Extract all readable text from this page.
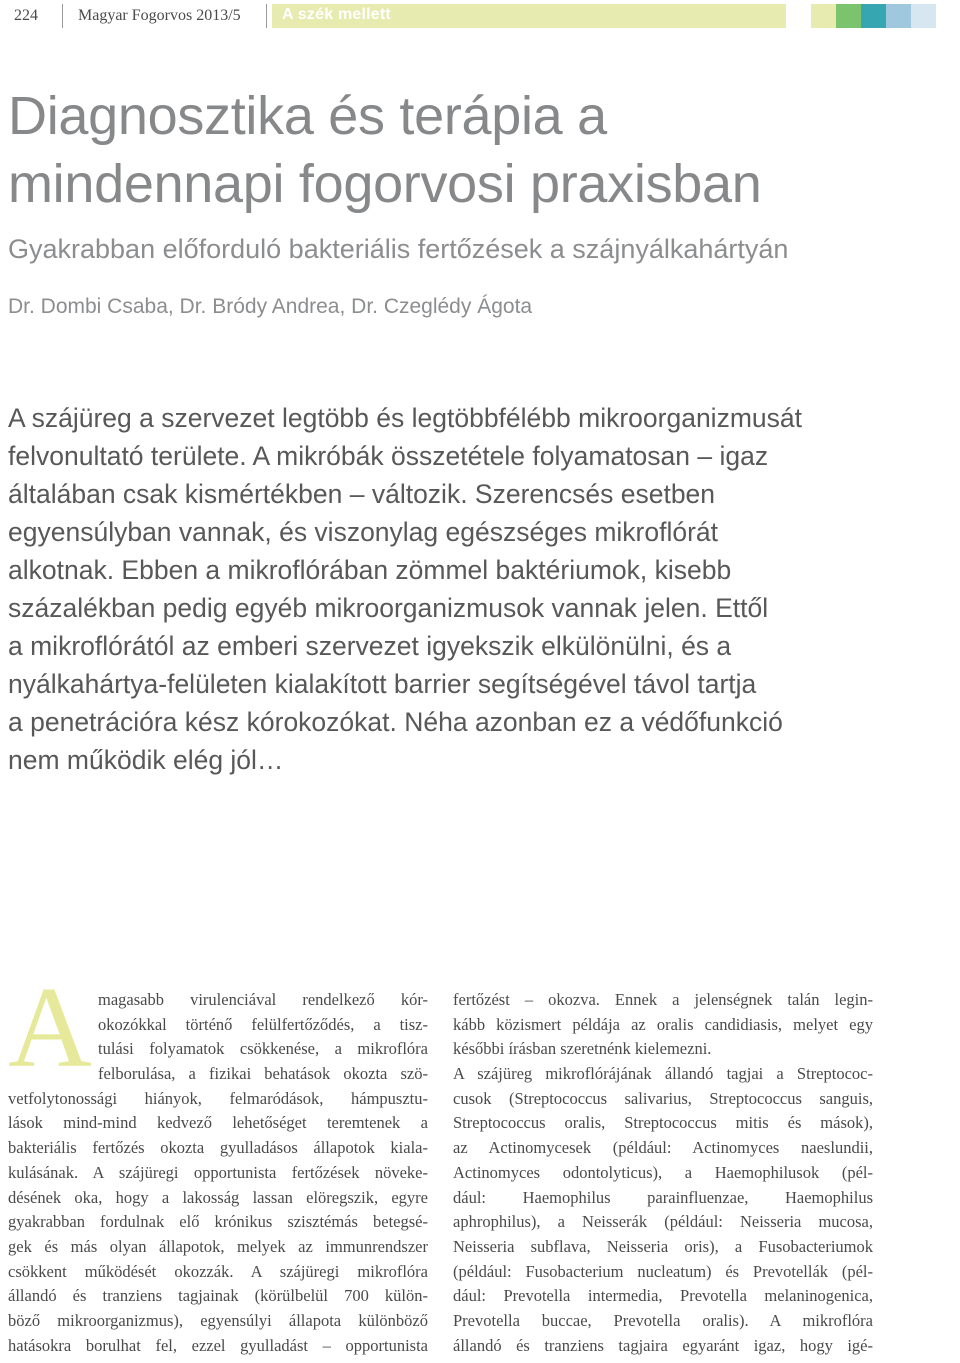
224	Magyar Fogorvos 2013/5	A szék mellett
Diagnosztika és terápia a
mindennapi fogorvosi praxisban
Gyakrabban előforduló bakteriális fertőzések a szájnyálkahártyán
Dr. Dombi Csaba, Dr. Bródy Andrea, Dr. Czeglédy Ágota
A szájüreg a szervezet legtöbb és legtöbbfélébb mikroorganizmusát
felvonultató területe. A mikróbák összetétele folyamatosan – igaz
általában csak kismértékben – változik. Szerencsés esetben
egyensúlyban vannak, és viszonylag egészséges mikroflórát
alkotnak. Ebben a mikroflórában zömmel baktériumok, kisebb
százalékban pedig egyéb mikroorganizmusok vannak jelen. Ettől
a mikroflórától az emberi szervezet igyekszik elkülönülni, és a
nyálkahártya-felületen kialakított barrier segítségével távol tartja
a penetrációra kész kórokozókat. Néha azonban ez a védőfunkció
nem működik elég jól…
A magasabb virulenciával rendelkező kór-
okozókkal történő felülfertőződés, a tisz-
tulási folyamatok csökkenése, a mikroflóra
felborulása, a fizikai behatások okozta szö-
vetfolytonossági hiányok, felmaródások, hámpusztu-
lások mind-mind kedvező lehetőséget teremtenek a
bakteriális fertőzés okozta gyulladásos állapotok kiala-
kulásának. A szájüregi opportunista fertőzések növeke-
désének oka, hogy a lakosság lassan elöregszik, egyre
gyakrabban fordulnak elő krónikus szisztémás betegsé-
gek és más olyan állapotok, melyek az immunrendszer
csökkent működését okozzák. A szájüregi mikroflóra
állandó és tranziens tagjainak (körülbelül 700 külön-
böző mikroorganizmus), egyensúlyi állapota különböző
hatásokra borulhat fel, ezzel gyulladást – opportunista
fertőzést – okozva. Ennek a jelenségnek talán legin-
kább közismert példája az oralis candidiasis, melyet egy
későbbi írásban szeretnénk kielemezni.
A szájüreg mikroflórájának állandó tagjai a Streptococ-
cusok (Streptococcus salivarius, Streptococcus sanguis,
Streptococcus oralis, Streptococcus mitis és mások),
az Actinomycesek (például: Actinomyces naeslundii,
Actinomyces odontolyticus), a Haemophilusok (pél-
dául: Haemophilus parainfluenzae, Haemophilus
aphrophilus), a Neisserák (például: Neisseria mucosa,
Neisseria subflava, Neisseria oris), a Fusobacteriumok
(például: Fusobacterium nucleatum) és Prevotellák (pél-
dául: Prevotella intermedia, Prevotella melaninogenica,
Prevotella buccae, Prevotella oralis). A mikroflóra
állandó és tranziens tagjaira egyaránt igaz, hogy igé-
